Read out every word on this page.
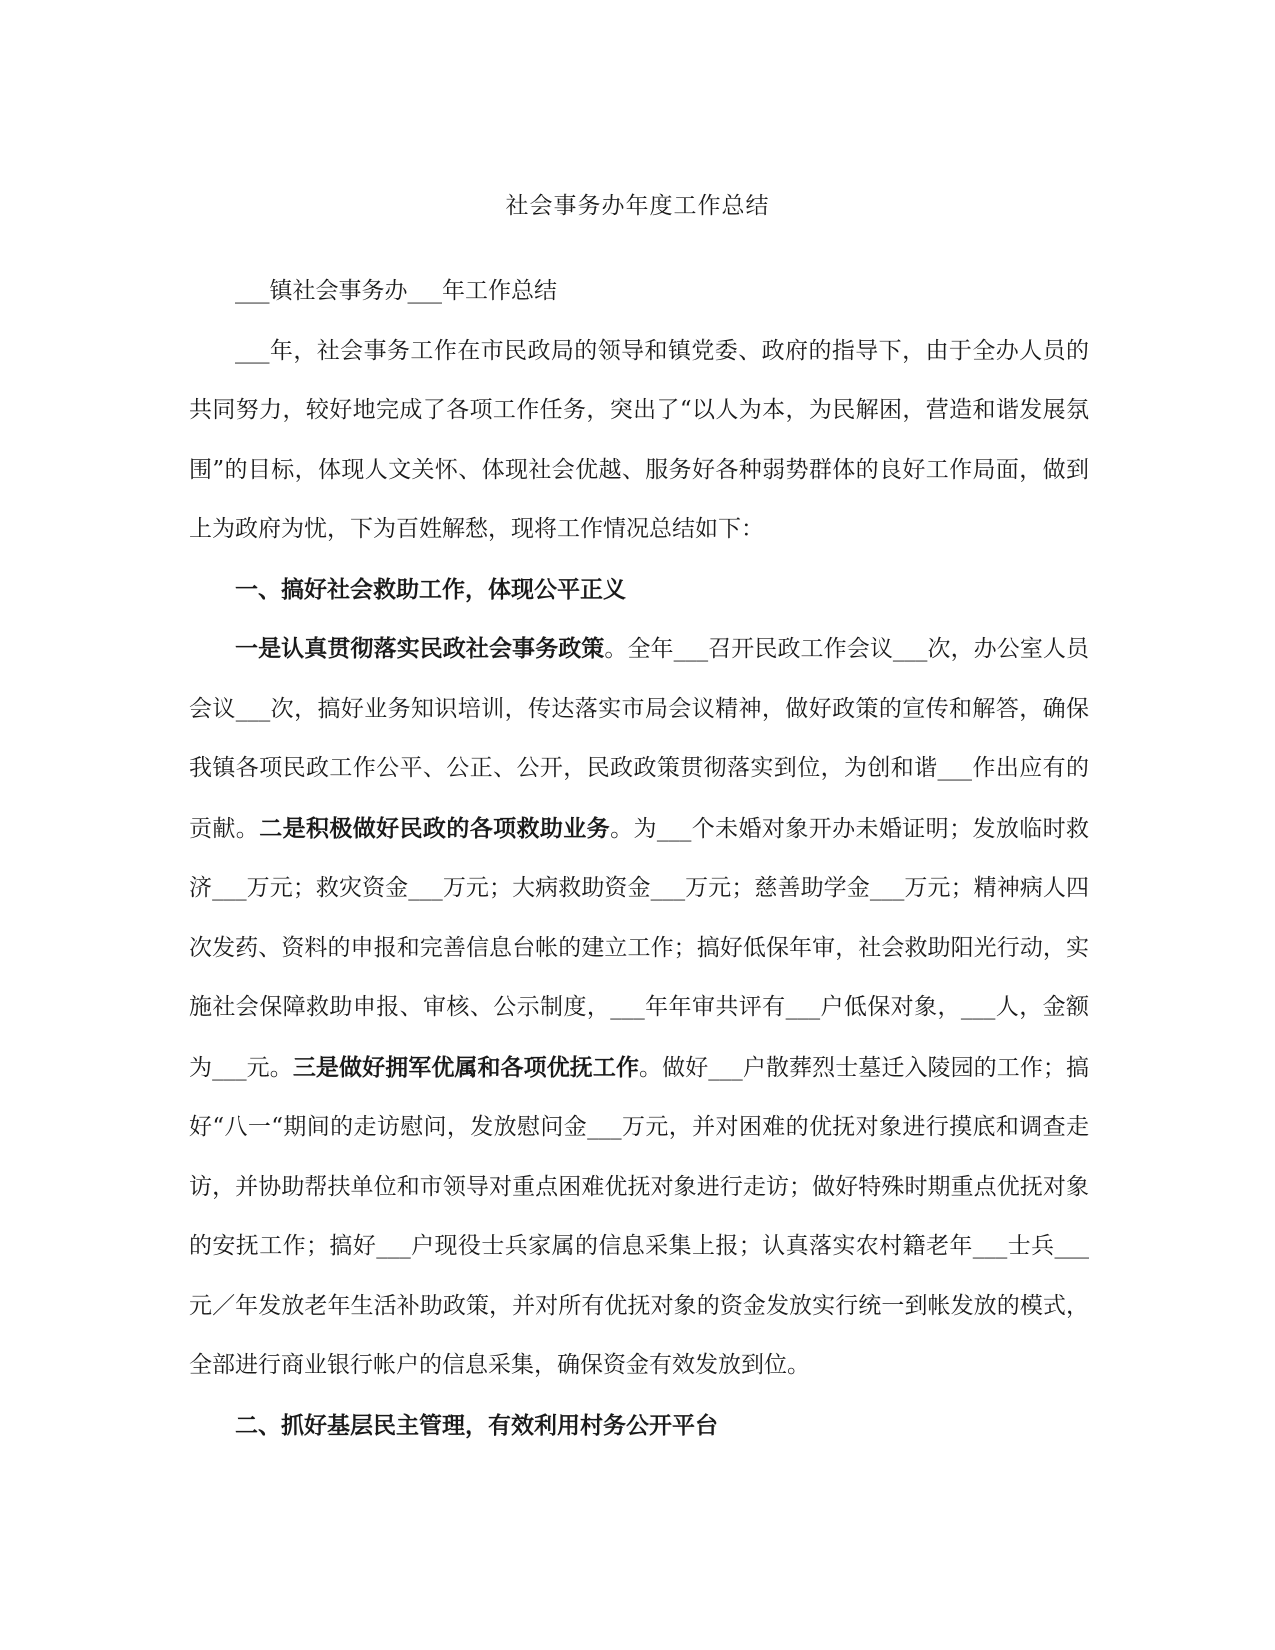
社会事务办年度工作总结

___镇社会事务办___年工作总结

___年，社会事务工作在市民政局的领导和镇党委、政府的指导下，由于全办人员的共同努力，较好地完成了各项工作任务，突出了“以人为本，为民解困，营造和谐发展氛围”的目标，体现人文关怀、体现社会优越、服务好各种弱势群体的良好工作局面，做到上为政府为忧，下为百姓解愁，现将工作情况总结如下：

一、搞好社会救助工作，体现公平正义

一是认真贯彻落实民政社会事务政策。全年___召开民政工作会议___次，办公室人员会议___次，搞好业务知识培训，传达落实市局会议精神，做好政策的宣传和解答，确保我镇各项民政工作公平、公正、公开，民政政策贯彻落实到位，为创和谐___作出应有的贡献。二是积极做好民政的各项救助业务。为___个未婚对象开办未婚证明；发放临时救济___万元；救灾资金___万元；大病救助资金___万元；慈善助学金___万元；精神病人四次发药、资料的申报和完善信息台帐的建立工作；搞好低保年审，社会救助阳光行动，实施社会保障救助申报、审核、公示制度，___年年审共评有___户低保对象，___人，金额为___元。三是做好拥军优属和各项优抚工作。做好___户散葬烈士墓迁入陵园的工作；搞好“八一“期间的走访慰问，发放慰问金___万元，并对困难的优抚对象进行摸底和调查走访，并协助帮扶单位和市领导对重点困难优抚对象进行走访；做好特殊时期重点优抚对象的安抚工作；搞好___户现役士兵家属的信息采集上报；认真落实农村籍老年___士兵___元／年发放老年生活补助政策，并对所有优抚对象的资金发放实行统一到帐发放的模式，全部进行商业银行帐户的信息采集，确保资金有效发放到位。

二、抓好基层民主管理，有效利用村务公开平台
